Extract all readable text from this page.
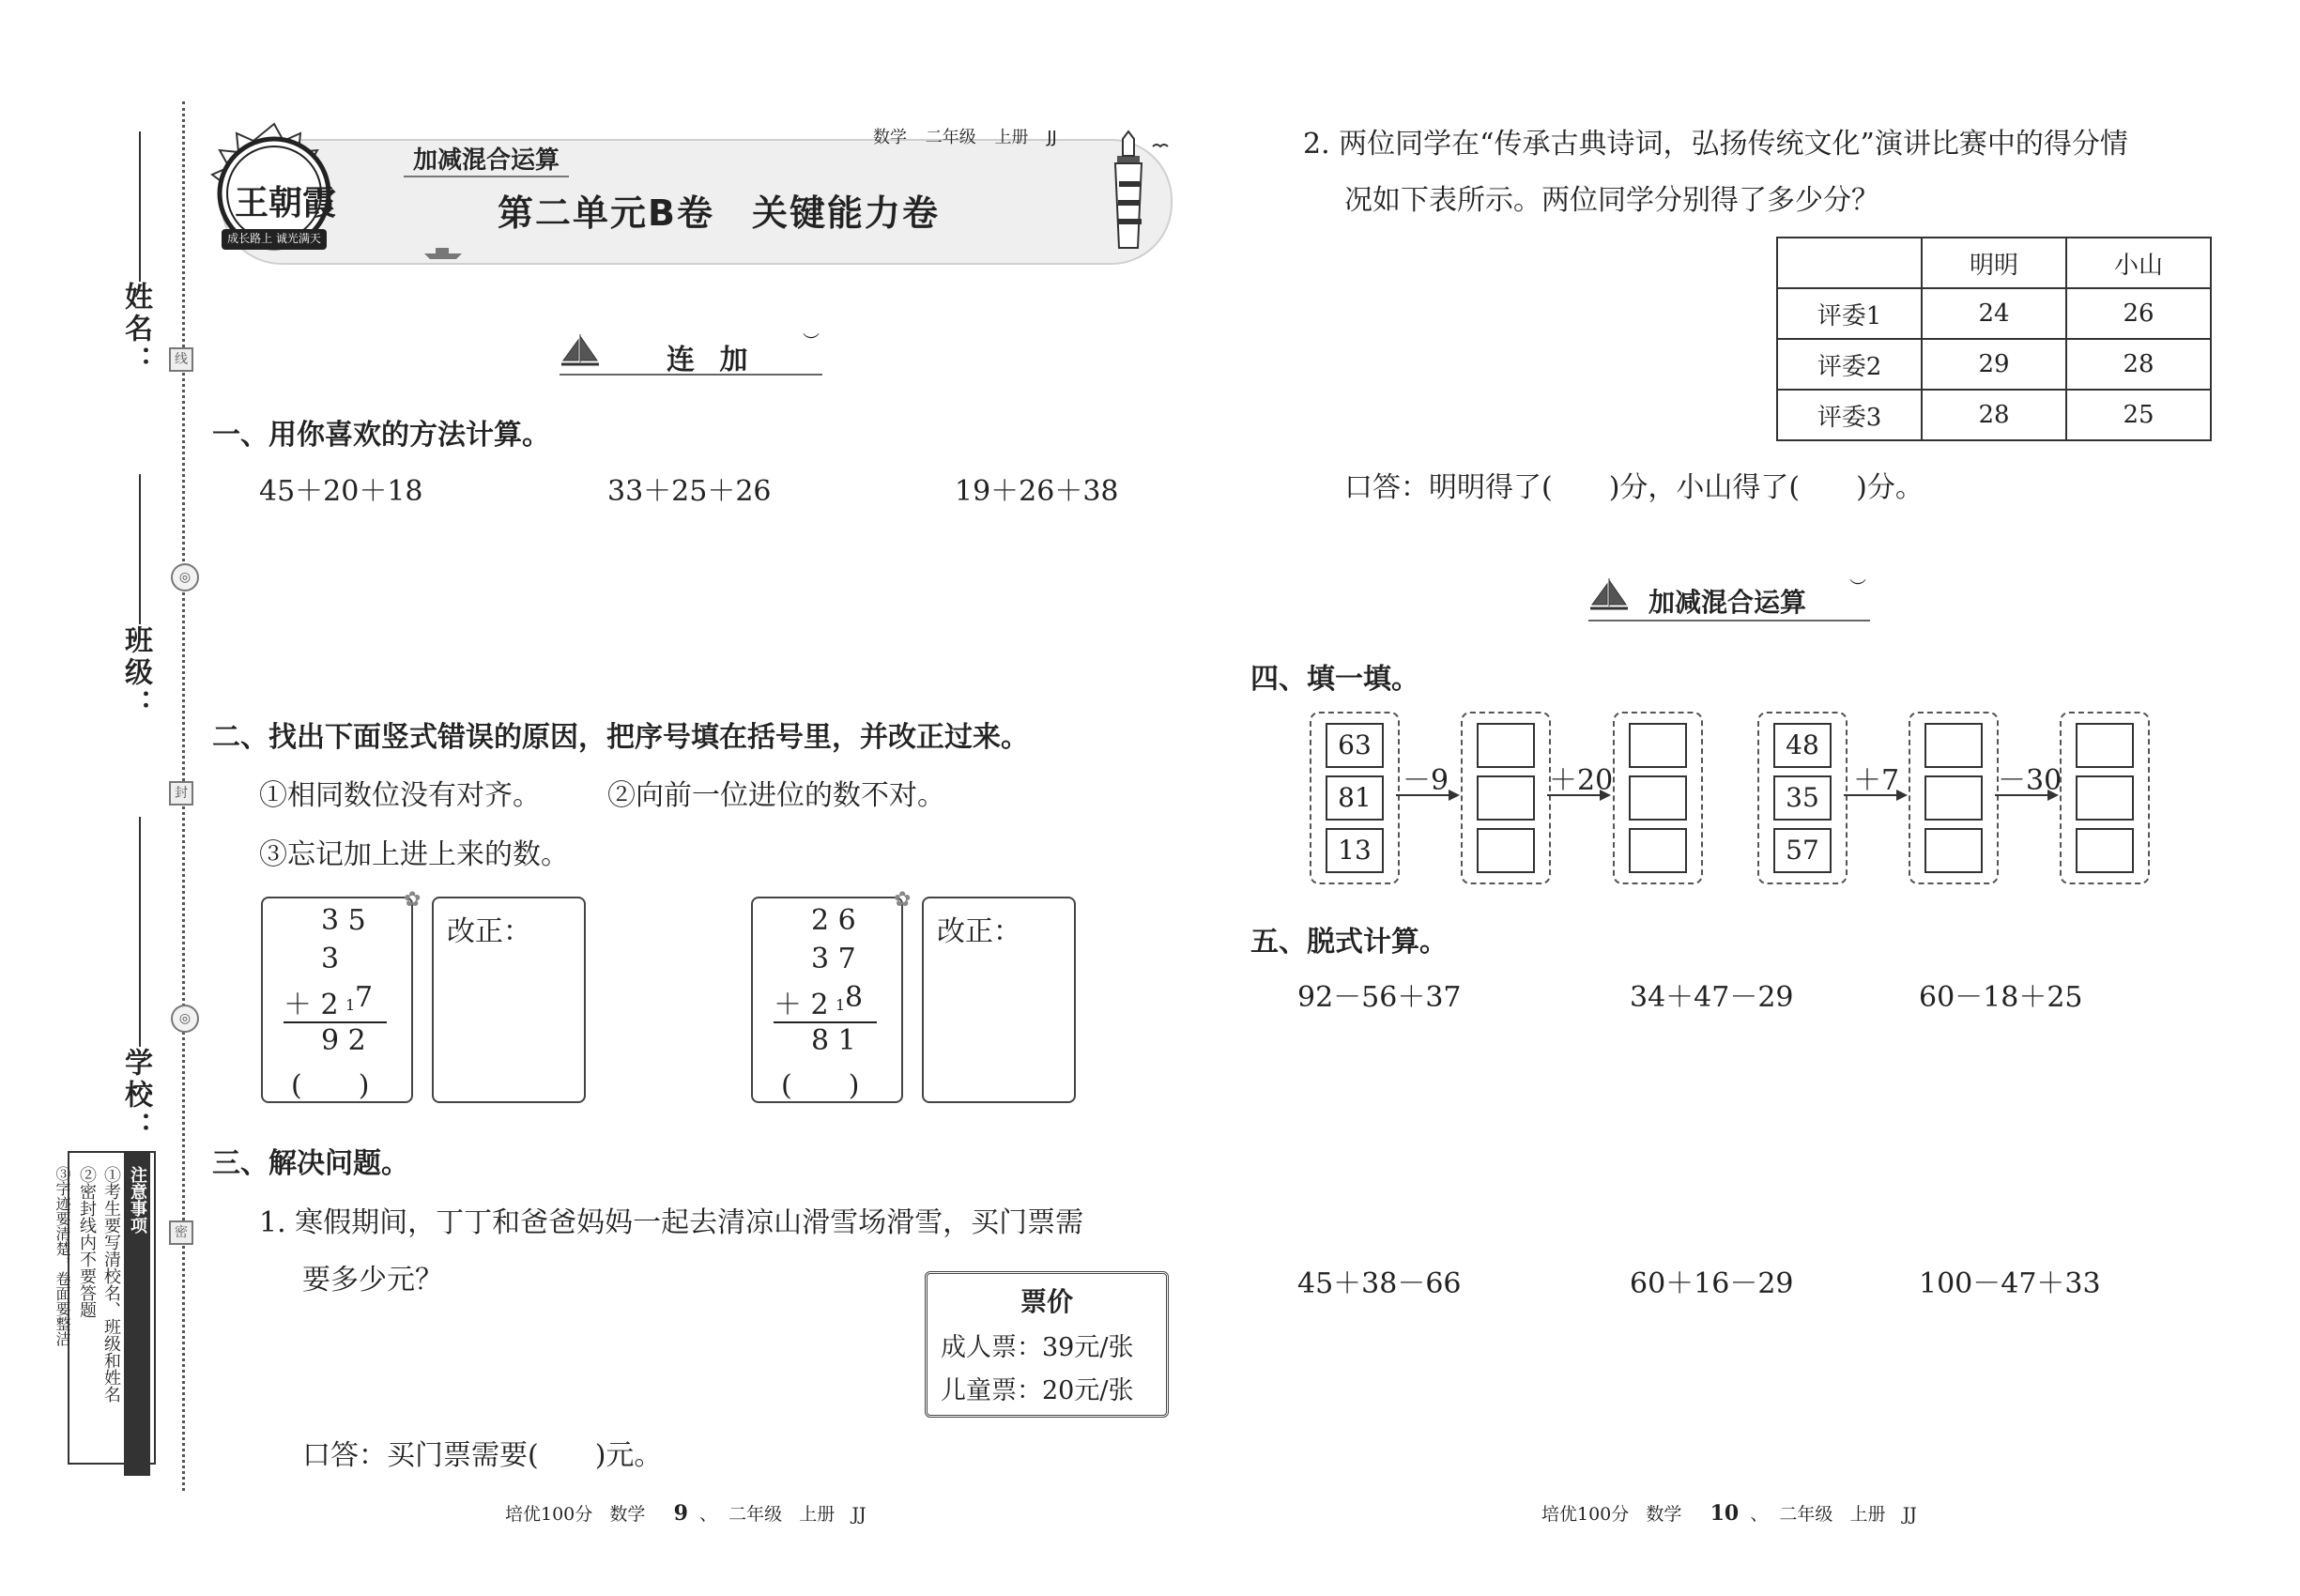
姓名：
班级：
学校：
线
◎
封
◎
密
注意事项
①考生要写清校名、班级和姓名
②密封线内不要答题
③字迹要清楚，卷面要整洁
王朝霞
成长路上 诚光满天
加减混合运算
第二单元B卷　关键能力卷
数学 二年级 上册 JJ
连 加
︶
一、用你喜欢的方法计算。
45＋20＋18	33＋25＋26	19＋26＋38
二、找出下面竖式错误的原因，把序号填在括号里，并改正过来。
①相同数位没有对齐。 ②向前一位进位的数不对。
③忘记加上进上来的数。
3 5
3
＋ 2 1 7
9 2
(　　)
改正：
✿
2 6
3 7
＋ 2 1 8
8 1
(　　)
改正：
✿
三、解决问题。
1. 寒假期间，丁丁和爸爸妈妈一起去清凉山滑雪场滑雪，买门票需
要多少元？
票价
成人票：39元/张
儿童票：20元/张
口答：买门票需要(　　)元。
培优100分 数学 9  、  二年级 上册 JJ
2. 两位同学在“传承古典诗词，弘扬传统文化”演讲比赛中的得分情
况如下表所示。两位同学分别得了多少分？
	明明	小山
评委1	24	26
评委2	29	28
评委3	28	25
口答：明明得了(　　)分，小山得了(　　)分。
加减混合运算	︶
四、填一填。
63
81
13
－9	＋20
48
35
57
＋7	－30
五、脱式计算。
92－56＋37	34＋47－29	60－18＋25
45＋38－66	60＋16－29	100－47＋33
培优100分 数学 10  、  二年级 上册 JJ
